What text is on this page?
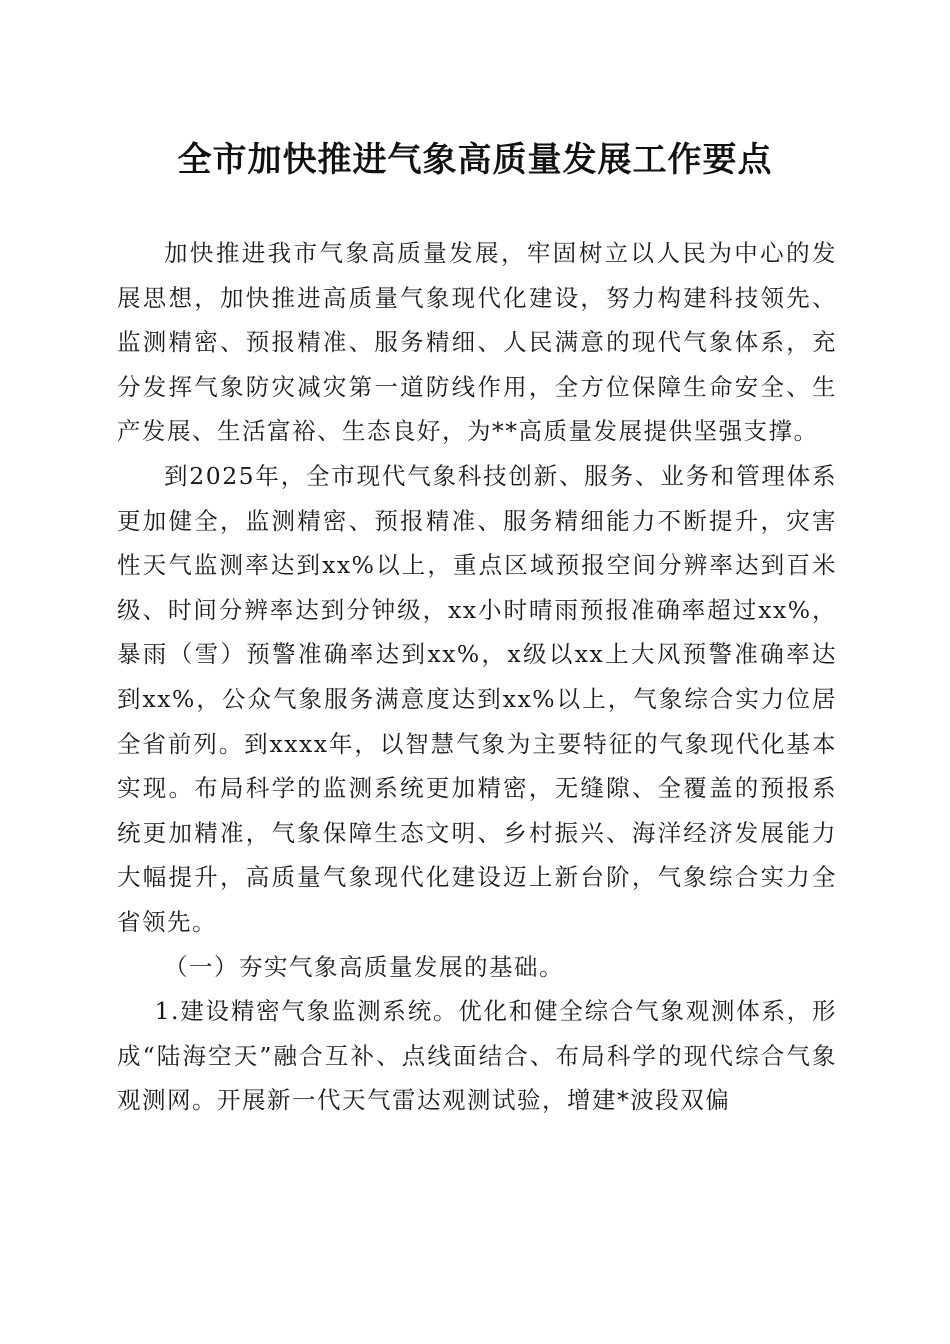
全市加快推进气象高质量发展工作要点

加快推进我市气象高质量发展，牢固树立以人民为中心的发展思想，加快推进高质量气象现代化建设，努力构建科技领先、监测精密、预报精准、服务精细、人民满意的现代气象体系，充分发挥气象防灾减灾第一道防线作用，全方位保障生命安全、生产发展、生活富裕、生态良好，为**高质量发展提供坚强支撑。

到2025年，全市现代气象科技创新、服务、业务和管理体系更加健全，监测精密、预报精准、服务精细能力不断提升，灾害性天气监测率达到xx%以上，重点区域预报空间分辨率达到百米级、时间分辨率达到分钟级，xx小时晴雨预报准确率超过xx%，暴雨（雪）预警准确率达到xx%，x级以xx上大风预警准确率达到xx%，公众气象服务满意度达到xx%以上，气象综合实力位居全省前列。到xxxx年，以智慧气象为主要特征的气象现代化基本实现。布局科学的监测系统更加精密，无缝隙、全覆盖的预报系统更加精准，气象保障生态文明、乡村振兴、海洋经济发展能力大幅提升，高质量气象现代化建设迈上新台阶，气象综合实力全省领先。

（一）夯实气象高质量发展的基础。

1.建设精密气象监测系统。优化和健全综合气象观测体系，形成“陆海空天”融合互补、点线面结合、布局科学的现代综合气象观测网。开展新一代天气雷达观测试验，增建*波段双偏
